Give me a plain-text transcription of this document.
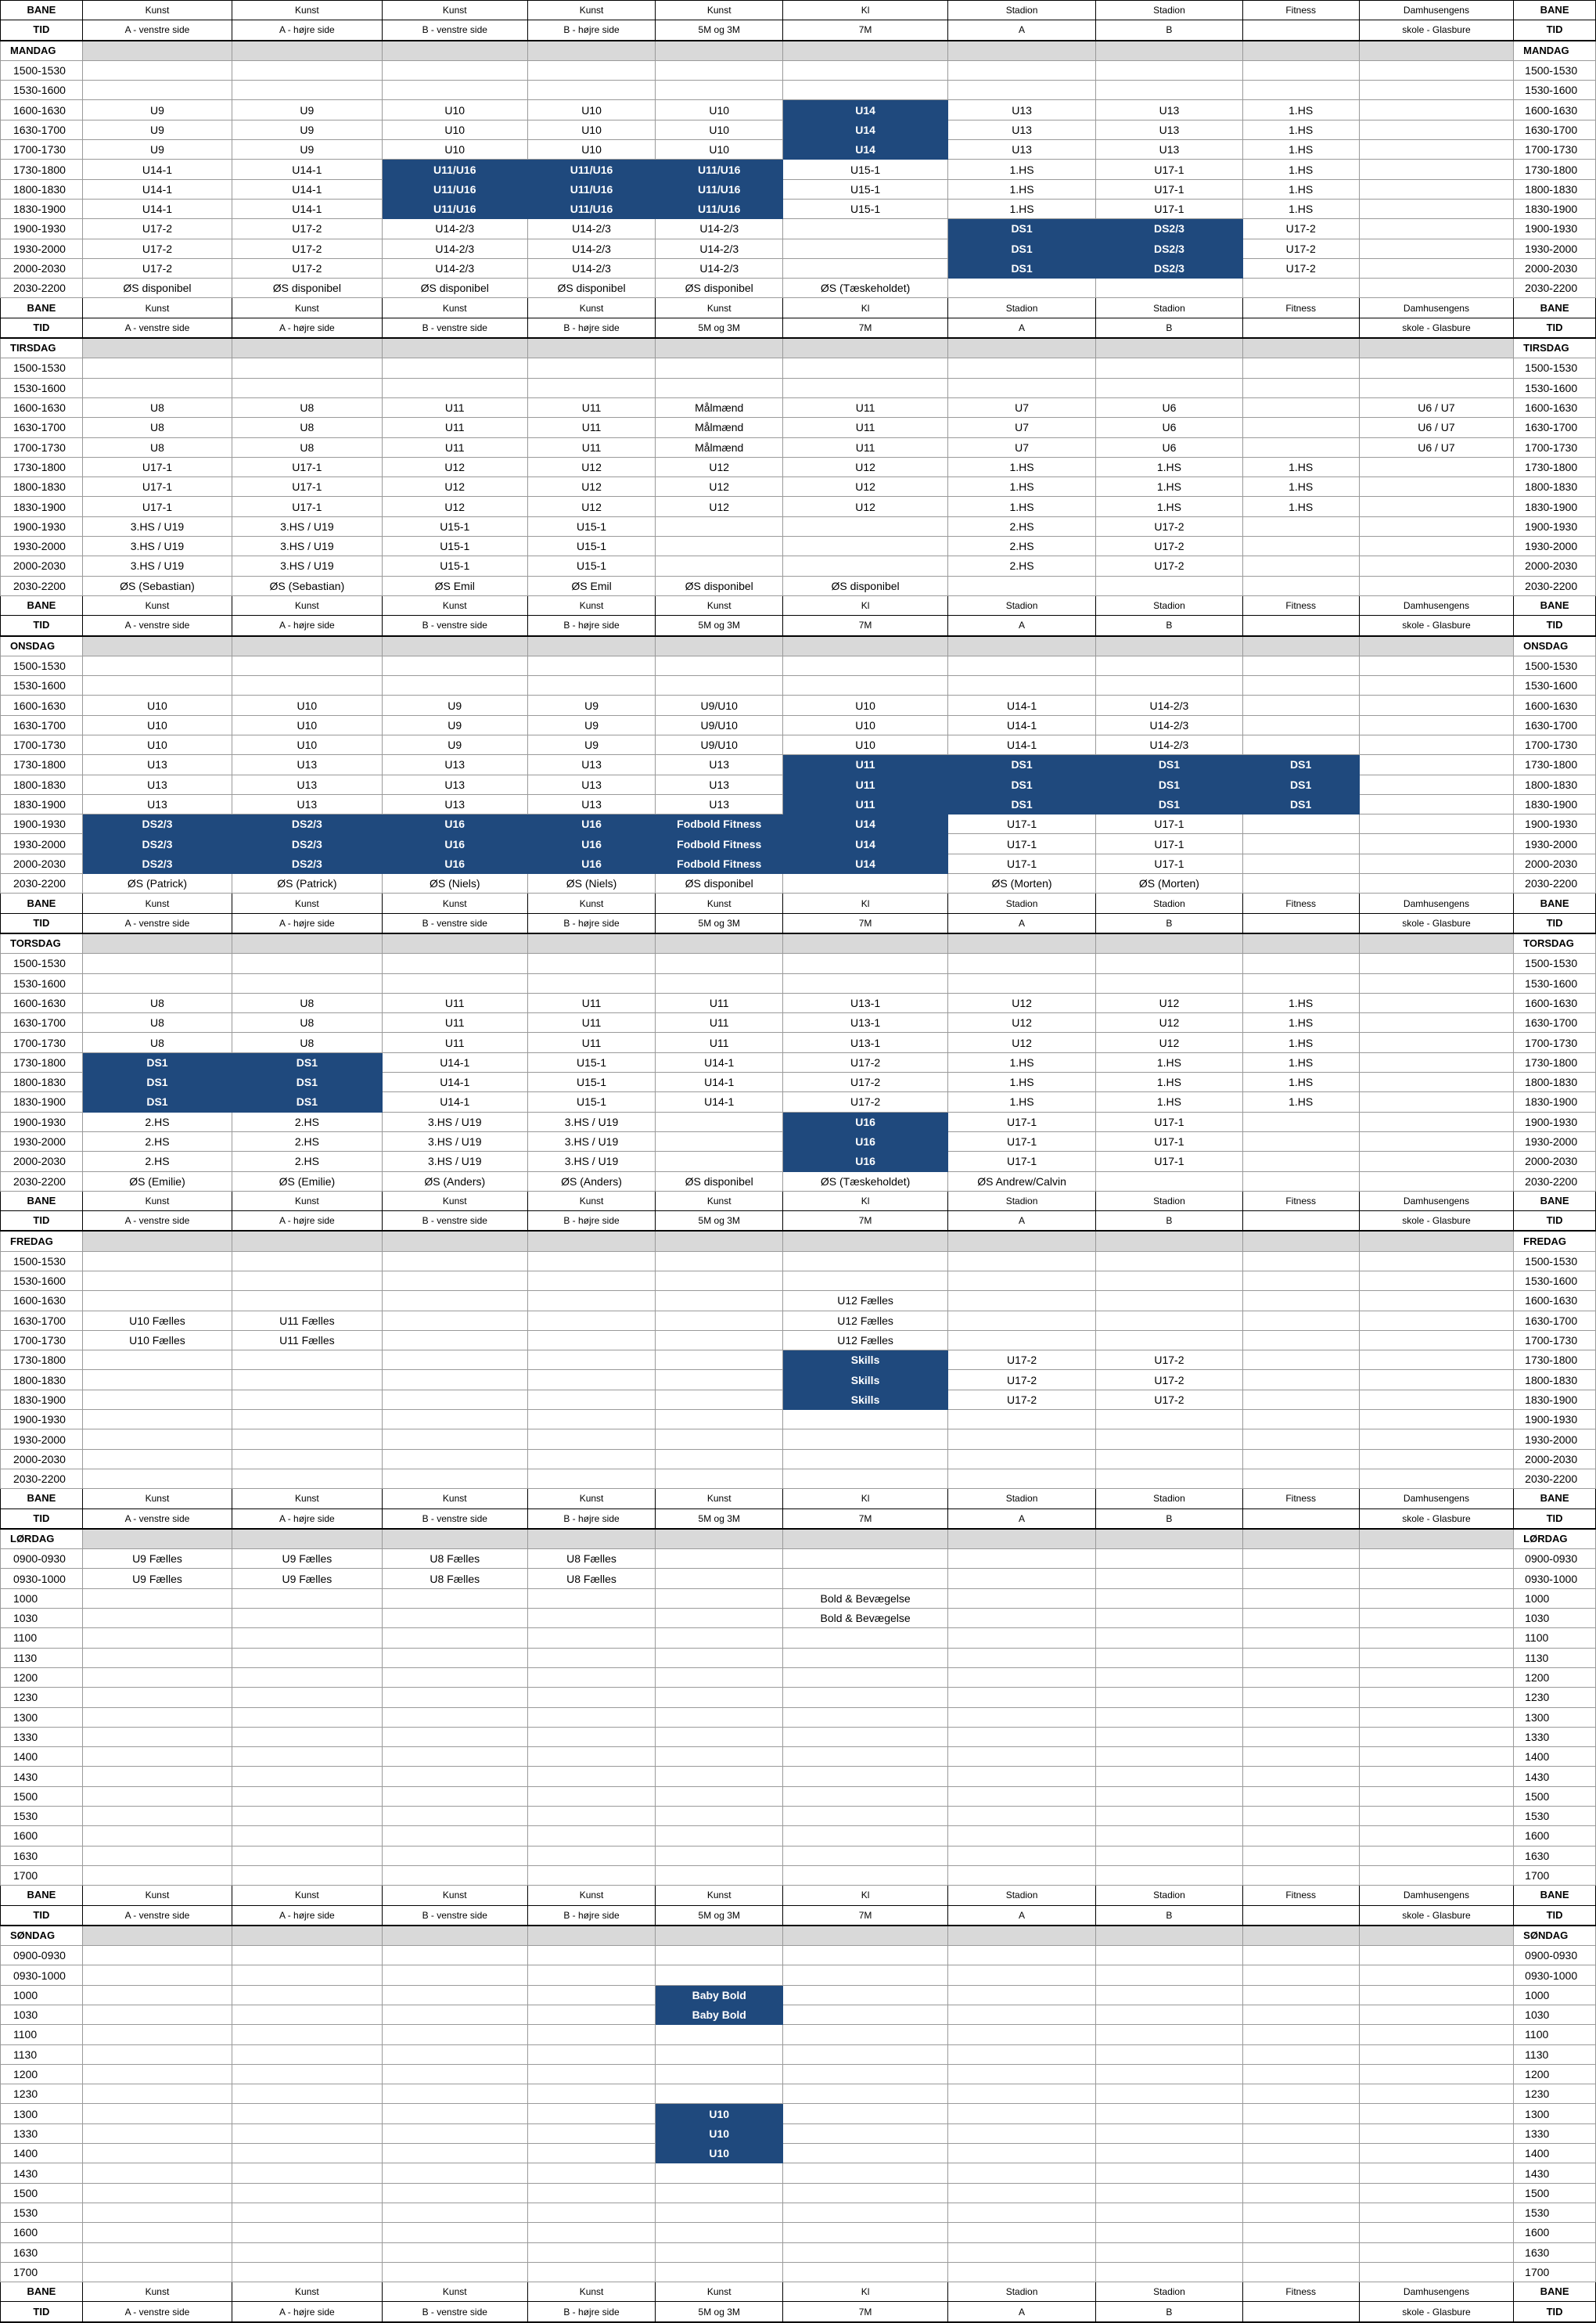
BANE	Kunst	Kunst	Kunst	Kunst	Kunst	Kl	Stadion	Stadion	Fitness	Damhusengens	BANE
TID	A - venstre side	A - højre side	B - venstre side	B - højre side	5M og 3M	7M	A	B		skole - Glasbure	TID
MANDAG											MANDAG
1500-1530											1500-1530
1530-1600											1530-1600
1600-1630	U9	U9	U10	U10	U10	U14	U13	U13	1.HS		1600-1630
1630-1700	U9	U9	U10	U10	U10	U14	U13	U13	1.HS		1630-1700
1700-1730	U9	U9	U10	U10	U10	U14	U13	U13	1.HS		1700-1730
1730-1800	U14-1	U14-1	U11/U16	U11/U16	U11/U16	U15-1	1.HS	U17-1	1.HS		1730-1800
1800-1830	U14-1	U14-1	U11/U16	U11/U16	U11/U16	U15-1	1.HS	U17-1	1.HS		1800-1830
1830-1900	U14-1	U14-1	U11/U16	U11/U16	U11/U16	U15-1	1.HS	U17-1	1.HS		1830-1900
1900-1930	U17-2	U17-2	U14-2/3	U14-2/3	U14-2/3		DS1	DS2/3	U17-2		1900-1930
1930-2000	U17-2	U17-2	U14-2/3	U14-2/3	U14-2/3		DS1	DS2/3	U17-2		1930-2000
2000-2030	U17-2	U17-2	U14-2/3	U14-2/3	U14-2/3		DS1	DS2/3	U17-2		2000-2030
2030-2200	ØS disponibel	ØS disponibel	ØS disponibel	ØS disponibel	ØS disponibel	ØS (Tæskeholdet)					2030-2200
BANE	Kunst	Kunst	Kunst	Kunst	Kunst	Kl	Stadion	Stadion	Fitness	Damhusengens	BANE
TID	A - venstre side	A - højre side	B - venstre side	B - højre side	5M og 3M	7M	A	B		skole - Glasbure	TID
TIRSDAG											TIRSDAG
1500-1530											1500-1530
1530-1600											1530-1600
1600-1630	U8	U8	U11	U11	Målmænd	U11	U7	U6		U6 / U7	1600-1630
1630-1700	U8	U8	U11	U11	Målmænd	U11	U7	U6		U6 / U7	1630-1700
1700-1730	U8	U8	U11	U11	Målmænd	U11	U7	U6		U6 / U7	1700-1730
1730-1800	U17-1	U17-1	U12	U12	U12	U12	1.HS	1.HS	1.HS		1730-1800
1800-1830	U17-1	U17-1	U12	U12	U12	U12	1.HS	1.HS	1.HS		1800-1830
1830-1900	U17-1	U17-1	U12	U12	U12	U12	1.HS	1.HS	1.HS		1830-1900
1900-1930	3.HS / U19	3.HS / U19	U15-1	U15-1			2.HS	U17-2			1900-1930
1930-2000	3.HS / U19	3.HS / U19	U15-1	U15-1			2.HS	U17-2			1930-2000
2000-2030	3.HS / U19	3.HS / U19	U15-1	U15-1			2.HS	U17-2			2000-2030
2030-2200	ØS (Sebastian)	ØS (Sebastian)	ØS Emil	ØS Emil	ØS disponibel	ØS disponibel					2030-2200
BANE	Kunst	Kunst	Kunst	Kunst	Kunst	Kl	Stadion	Stadion	Fitness	Damhusengens	BANE
TID	A - venstre side	A - højre side	B - venstre side	B - højre side	5M og 3M	7M	A	B		skole - Glasbure	TID
ONSDAG											ONSDAG
1500-1530											1500-1530
1530-1600											1530-1600
1600-1630	U10	U10	U9	U9	U9/U10	U10	U14-1	U14-2/3			1600-1630
1630-1700	U10	U10	U9	U9	U9/U10	U10	U14-1	U14-2/3			1630-1700
1700-1730	U10	U10	U9	U9	U9/U10	U10	U14-1	U14-2/3			1700-1730
1730-1800	U13	U13	U13	U13	U13	U11	DS1	DS1	DS1		1730-1800
1800-1830	U13	U13	U13	U13	U13	U11	DS1	DS1	DS1		1800-1830
1830-1900	U13	U13	U13	U13	U13	U11	DS1	DS1	DS1		1830-1900
1900-1930	DS2/3	DS2/3	U16	U16	Fodbold Fitness	U14	U17-1	U17-1			1900-1930
1930-2000	DS2/3	DS2/3	U16	U16	Fodbold Fitness	U14	U17-1	U17-1			1930-2000
2000-2030	DS2/3	DS2/3	U16	U16	Fodbold Fitness	U14	U17-1	U17-1			2000-2030
2030-2200	ØS (Patrick)	ØS (Patrick)	ØS (Niels)	ØS (Niels)	ØS disponibel		ØS (Morten)	ØS (Morten)			2030-2200
BANE	Kunst	Kunst	Kunst	Kunst	Kunst	Kl	Stadion	Stadion	Fitness	Damhusengens	BANE
TID	A - venstre side	A - højre side	B - venstre side	B - højre side	5M og 3M	7M	A	B		skole - Glasbure	TID
TORSDAG											TORSDAG
1500-1530											1500-1530
1530-1600											1530-1600
1600-1630	U8	U8	U11	U11	U11	U13-1	U12	U12	1.HS		1600-1630
1630-1700	U8	U8	U11	U11	U11	U13-1	U12	U12	1.HS		1630-1700
1700-1730	U8	U8	U11	U11	U11	U13-1	U12	U12	1.HS		1700-1730
1730-1800	DS1	DS1	U14-1	U15-1	U14-1	U17-2	1.HS	1.HS	1.HS		1730-1800
1800-1830	DS1	DS1	U14-1	U15-1	U14-1	U17-2	1.HS	1.HS	1.HS		1800-1830
1830-1900	DS1	DS1	U14-1	U15-1	U14-1	U17-2	1.HS	1.HS	1.HS		1830-1900
1900-1930	2.HS	2.HS	3.HS / U19	3.HS / U19		U16	U17-1	U17-1			1900-1930
1930-2000	2.HS	2.HS	3.HS / U19	3.HS / U19		U16	U17-1	U17-1			1930-2000
2000-2030	2.HS	2.HS	3.HS / U19	3.HS / U19		U16	U17-1	U17-1			2000-2030
2030-2200	ØS (Emilie)	ØS (Emilie)	ØS (Anders)	ØS (Anders)	ØS disponibel	ØS (Tæskeholdet)	ØS Andrew/Calvin				2030-2200
BANE	Kunst	Kunst	Kunst	Kunst	Kunst	Kl	Stadion	Stadion	Fitness	Damhusengens	BANE
TID	A - venstre side	A - højre side	B - venstre side	B - højre side	5M og 3M	7M	A	B		skole - Glasbure	TID
FREDAG											FREDAG
1500-1530											1500-1530
1530-1600											1530-1600
1600-1630						U12 Fælles					1600-1630
1630-1700	U10 Fælles	U11 Fælles				U12 Fælles					1630-1700
1700-1730	U10 Fælles	U11 Fælles				U12 Fælles					1700-1730
1730-1800						Skills	U17-2	U17-2			1730-1800
1800-1830						Skills	U17-2	U17-2			1800-1830
1830-1900						Skills	U17-2	U17-2			1830-1900
1900-1930											1900-1930
1930-2000											1930-2000
2000-2030											2000-2030
2030-2200											2030-2200
BANE	Kunst	Kunst	Kunst	Kunst	Kunst	Kl	Stadion	Stadion	Fitness	Damhusengens	BANE
TID	A - venstre side	A - højre side	B - venstre side	B - højre side	5M og 3M	7M	A	B		skole - Glasbure	TID
LØRDAG											LØRDAG
0900-0930	U9 Fælles	U9 Fælles	U8 Fælles	U8 Fælles							0900-0930
0930-1000	U9 Fælles	U9 Fælles	U8 Fælles	U8 Fælles							0930-1000
1000						Bold & Bevægelse					1000
1030						Bold & Bevægelse					1030
1100											1100
1130											1130
1200											1200
1230											1230
1300											1300
1330											1330
1400											1400
1430											1430
1500											1500
1530											1530
1600											1600
1630											1630
1700											1700
BANE	Kunst	Kunst	Kunst	Kunst	Kunst	Kl	Stadion	Stadion	Fitness	Damhusengens	BANE
TID	A - venstre side	A - højre side	B - venstre side	B - højre side	5M og 3M	7M	A	B		skole - Glasbure	TID
SØNDAG											SØNDAG
0900-0930											0900-0930
0930-1000											0930-1000
1000					Baby Bold						1000
1030					Baby Bold						1030
1100											1100
1130											1130
1200											1200
1230											1230
1300					U10						1300
1330					U10						1330
1400					U10						1400
1430											1430
1500											1500
1530											1530
1600											1600
1630											1630
1700											1700
BANE	Kunst	Kunst	Kunst	Kunst	Kunst	Kl	Stadion	Stadion	Fitness	Damhusengens	BANE
TID	A - venstre side	A - højre side	B - venstre side	B - højre side	5M og 3M	7M	A	B		skole - Glasbure	TID
